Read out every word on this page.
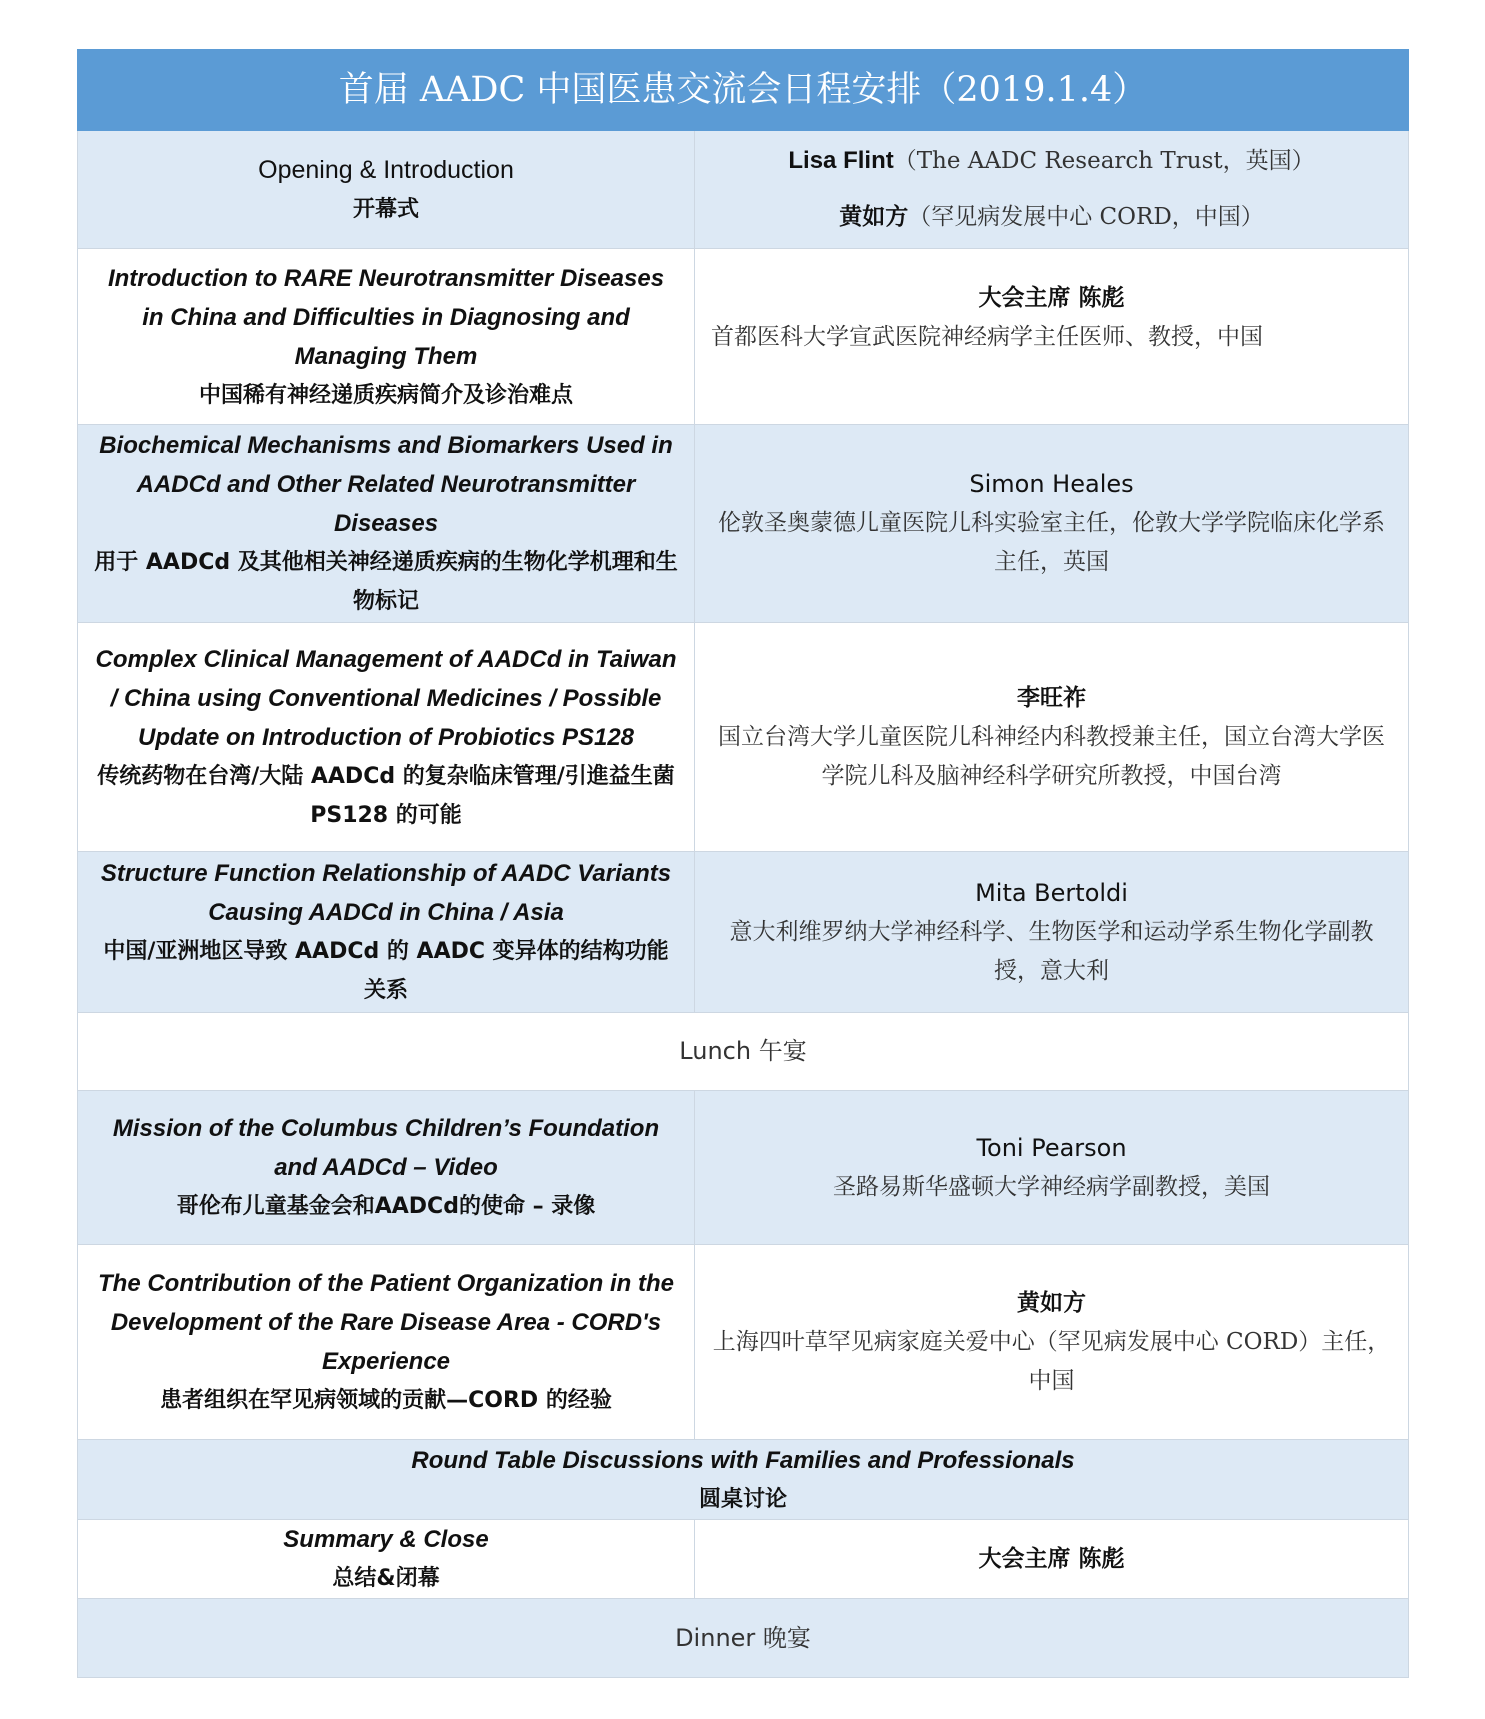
首届 AADC 中国医患交流会日程安排（2019.1.4）	

Opening & Introduction
开幕式	Lisa Flint（The AADC Research Trust，英国）
黄如方（罕见病发展中心 CORD，中国）

Introduction to RARE Neurotransmitter Diseases in China and Difficulties in Diagnosing and Managing Them
中国稀有神经递质疾病简介及诊治难点	大会主席 陈彪
首都医科大学宣武医院神经病学主任医师、教授，中国

Biochemical Mechanisms and Biomarkers Used in AADCd and Other Related Neurotransmitter Diseases
用于 AADCd 及其他相关神经递质疾病的生物化学机理和生物标记	Simon Heales
伦敦圣奥蒙德儿童医院儿科实验室主任，伦敦大学学院临床化学系主任，英国

Complex Clinical Management of AADCd in Taiwan / China using Conventional Medicines / Possible Update on Introduction of Probiotics PS128
传统药物在台湾/大陆 AADCd 的复杂临床管理/引進益生菌 PS128 的可能	李旺祚
国立台湾大学儿童医院儿科神经内科教授兼主任，国立台湾大学医学院儿科及脑神经科学研究所教授，中国台湾

Structure Function Relationship of AADC Variants Causing AADCd in China / Asia
中国/亚洲地区导致 AADCd 的 AADC 变异体的结构功能关系	Mita Bertoldi
意大利维罗纳大学神经科学、生物医学和运动学系生物化学副教授，意大利

Lunch 午宴	

Mission of the Columbus Children’s Foundation and AADCd – Video
哥伦布儿童基金会和AADCd的使命 – 录像	Toni Pearson
圣路易斯华盛顿大学神经病学副教授，美国

The Contribution of the Patient Organization in the Development of the Rare Disease Area - CORD's Experience
患者组织在罕见病领域的贡献—CORD 的经验	黄如方
上海四叶草罕见病家庭关爱中心（罕见病发展中心 CORD）主任，中国

Round Table Discussions with Families and Professionals
圆桌讨论	

Summary & Close
总结&闭幕	大会主席 陈彪

Dinner 晚宴	
